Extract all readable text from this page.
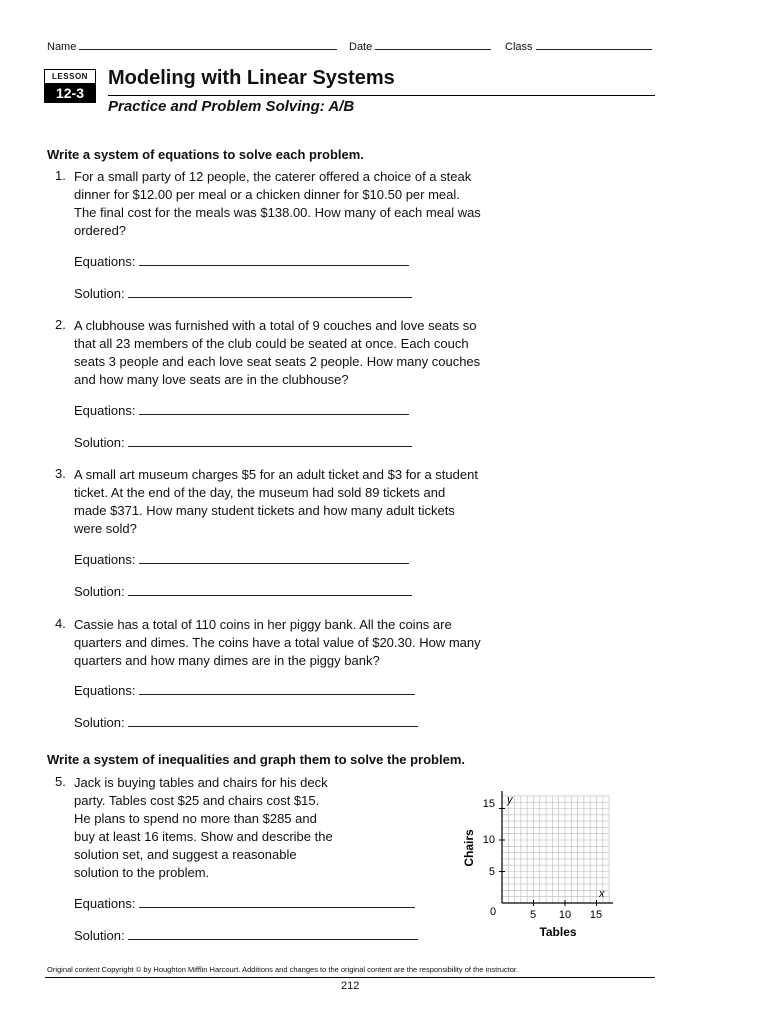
Name	Date	Class
LESSON
12-3
Modeling with Linear Systems
Practice and Problem Solving: A/B
Write a system of equations to solve each problem.
1. For a small party of 12 people, the caterer offered a choice of a steak
dinner for $12.00 per meal or a chicken dinner for $10.50 per meal.
The final cost for the meals was $138.00. How many of each meal was
ordered?
Equations:
Solution:
2. A clubhouse was furnished with a total of 9 couches and love seats so
that all 23 members of the club could be seated at once. Each couch
seats 3 people and each love seat seats 2 people. How many couches
and how many love seats are in the clubhouse?
Equations:
Solution:
3. A small art museum charges $5 for an adult ticket and $3 for a student
ticket. At the end of the day, the museum had sold 89 tickets and
made $371. How many student tickets and how many adult tickets
were sold?
Equations:
Solution:
4. Cassie has a total of 110 coins in her piggy bank. All the coins are
quarters and dimes. The coins have a total value of $20.30. How many
quarters and how many dimes are in the piggy bank?
Equations:
Solution:
Write a system of inequalities and graph them to solve the problem.
5. Jack is buying tables and chairs for his deck
party. Tables cost $25 and chairs cost $15.
He plans to spend no more than $285 and
buy at least 16 items. Show and describe the
solution set, and suggest a reasonable
solution to the problem.
Equations:
Solution:
y
x
0
15
10
5
5 10 15
Tables
Chairs
Original content Copyright © by Houghton Mifflin Harcourt. Additions and changes to the original content are the responsibility of the instructor.
212
